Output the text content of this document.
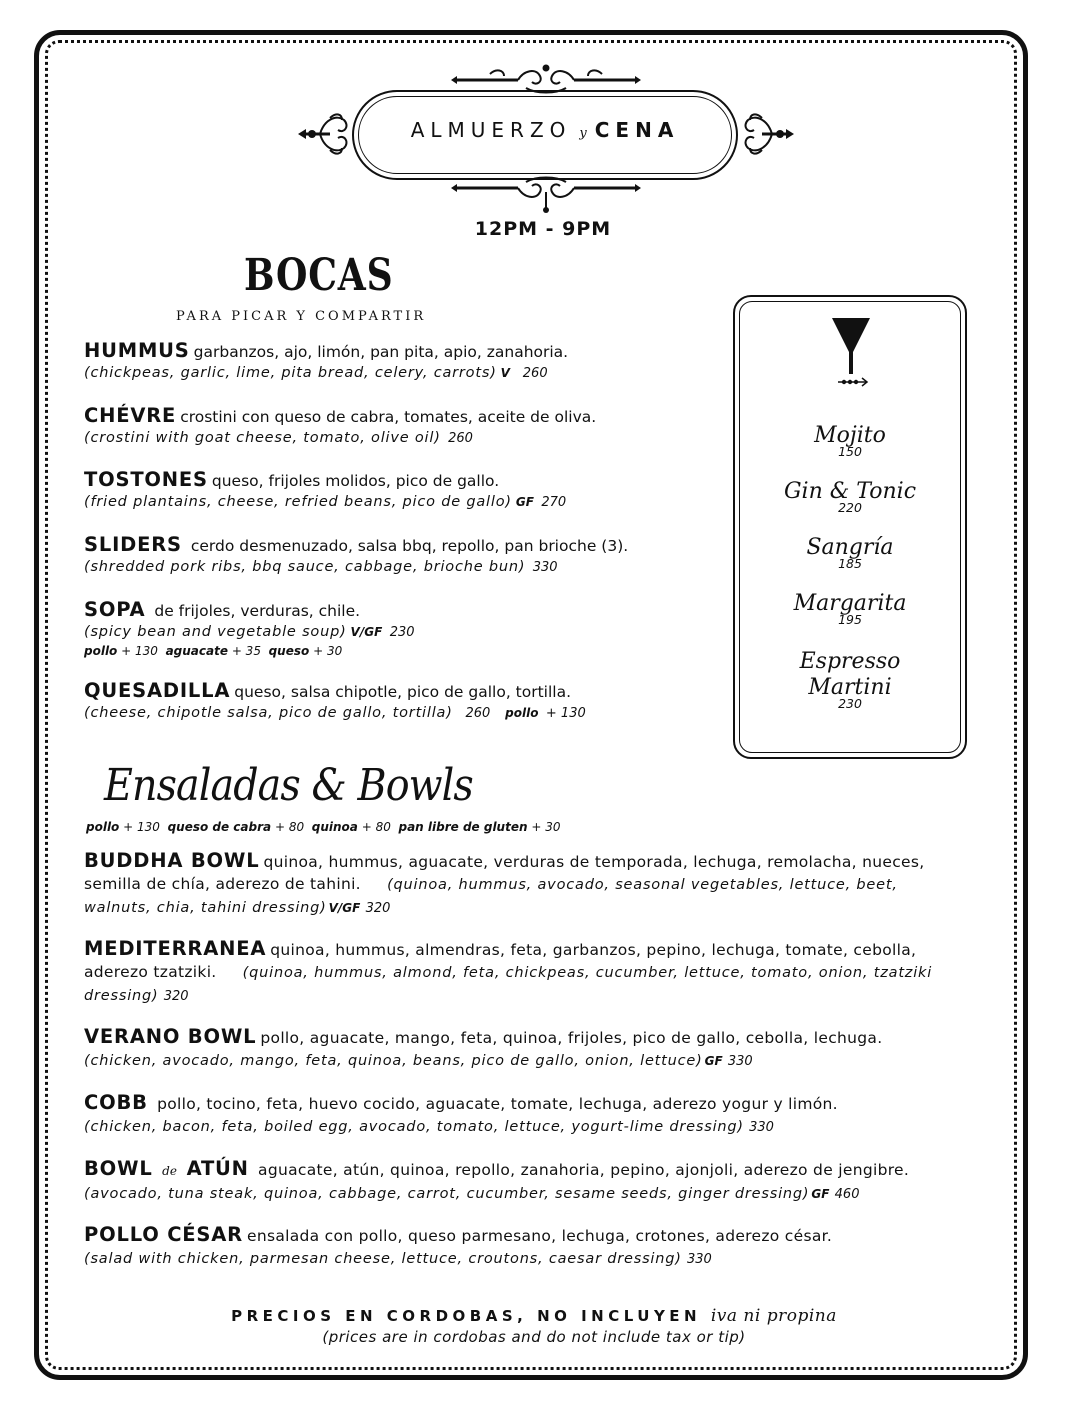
ALMUERZO y CENA
12PM - 9PM
BOCAS
PARA PICAR Y COMPARTIR
HUMMUS garbanzos, ajo, limón, pan pita, apio, zanahoria.
(chickpeas, garlic, lime, pita bread, celery, carrots) V 260
CHÉVRE crostini con queso de cabra, tomates, aceite de oliva.
(crostini with goat cheese, tomato, olive oil) 260
TOSTONES queso, frijoles molidos, pico de gallo.
(fried plantains, cheese, refried beans, pico de gallo) GF 270
SLIDERS cerdo desmenuzado, salsa bbq, repollo, pan brioche (3).
(shredded pork ribs, bbq sauce, cabbage, brioche bun) 330
SOPA de frijoles, verduras, chile.
(spicy bean and vegetable soup) V/GF 230
pollo + 130 aguacate + 35 queso + 30
QUESADILLA queso, salsa chipotle, pico de gallo, tortilla.
(cheese, chipotle salsa, pico de gallo, tortilla) 260 pollo + 130
Mojito
150
Gin & Tonic
220
Sangría
185
Margarita
195
Espresso
Martini
230
Ensaladas & Bowls
pollo + 130 queso de cabra + 80 quinoa + 80 pan libre de gluten + 30
BUDDHA BOWL quinoa, hummus, aguacate, verduras de temporada, lechuga, remolacha, nueces, semilla de chía, aderezo de tahini. (quinoa, hummus, avocado, seasonal vegetables, lettuce, beet, walnuts, chia, tahini dressing) V/GF 320
MEDITERRANEA quinoa, hummus, almendras, feta, garbanzos, pepino, lechuga, tomate, cebolla, aderezo tzatziki. (quinoa, hummus, almond, feta, chickpeas, cucumber, lettuce, tomato, onion, tzatziki dressing) 320
VERANO BOWL pollo, aguacate, mango, feta, quinoa, frijoles, pico de gallo, cebolla, lechuga.
(chicken, avocado, mango, feta, quinoa, beans, pico de gallo, onion, lettuce) GF 330
COBB pollo, tocino, feta, huevo cocido, aguacate, tomate, lechuga, aderezo yogur y limón.
(chicken, bacon, feta, boiled egg, avocado, tomato, lettuce, yogurt-lime dressing) 330
BOWL de ATÚN aguacate, atún, quinoa, repollo, zanahoria, pepino, ajonjoli, aderezo de jengibre.
(avocado, tuna steak, quinoa, cabbage, carrot, cucumber, sesame seeds, ginger dressing) GF 460
POLLO CÉSAR ensalada con pollo, queso parmesano, lechuga, crotones, aderezo césar.
(salad with chicken, parmesan cheese, lettuce, croutons, caesar dressing) 330
PRECIOS EN CORDOBAS, NO INCLUYEN iva ni propina
(prices are in cordobas and do not include tax or tip)
